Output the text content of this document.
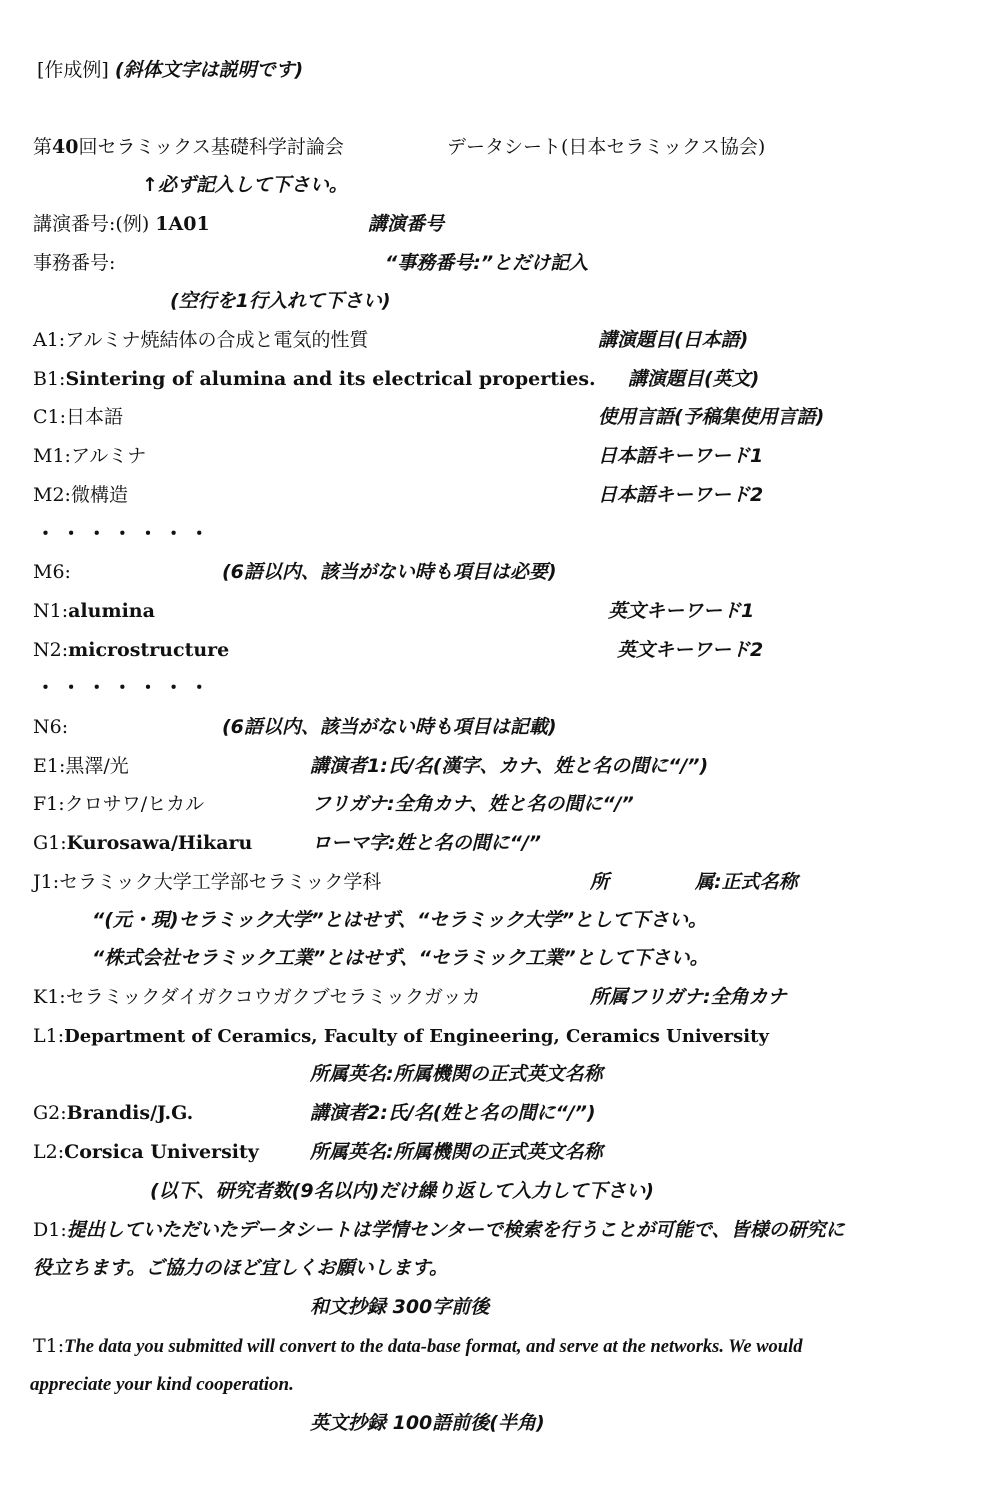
[作成例] (斜体文字は説明です)
第40回セラミックス基礎科学討論会	データシート(日本セラミックス協会)
↑必ず記入して下さい。
講演番号:(例) 1A01	講演番号
事務番号:	“事務番号:”とだけ記入
(空行を1行入れて下さい)
A1:アルミナ焼結体の合成と電気的性質	講演題目(日本語)
B1:Sintering of alumina and its electrical properties. 講演題目(英文)
C1:日本語	使用言語(予稿集使用言語)
M1:アルミナ	日本語キーワード1
M2:微構造	日本語キーワード2
・ ・ ・ ・ ・ ・ ・
M6:	(6語以内、該当がない時も項目は必要)
N1:alumina	英文キーワード1
N2:microstructure	英文キーワード2
・ ・ ・ ・ ・ ・ ・
N6:	(6語以内、該当がない時も項目は記載)
E1:黒澤/光	講演者1:氏/名(漢字、カナ、姓と名の間に“/”)
F1:クロサワ/ヒカル	フリガナ:全角カナ、姓と名の間に“/”
G1:Kurosawa/Hikaru	ローマ字:姓と名の間に“/”
J1:セラミック大学工学部セラミック学科	所	属:正式名称
“(元・現)セラミック大学”とはせず、“セラミック大学”として下さい。
“株式会社セラミック工業”とはせず、“セラミック工業”として下さい。
K1:セラミックダイガクコウガクブセラミックガッカ	所属フリガナ:全角カナ
L1:Department of Ceramics, Faculty of Engineering, Ceramics University
所属英名:所属機関の正式英文名称
G2:Brandis/J.G.	講演者2:氏/名(姓と名の間に“/”)
L2:Corsica University	所属英名:所属機関の正式英文名称
(以下、研究者数(9名以内)だけ繰り返して入力して下さい)
D1:提出していただいたデータシートは学情センターで検索を行うことが可能で、皆様の研究に
役立ちます。ご協力のほど宜しくお願いします。
和文抄録 300字前後
T1:The data you submitted will convert to the data-base format, and serve at the networks. We would
appreciate your kind cooperation.
英文抄録 100語前後(半角)
